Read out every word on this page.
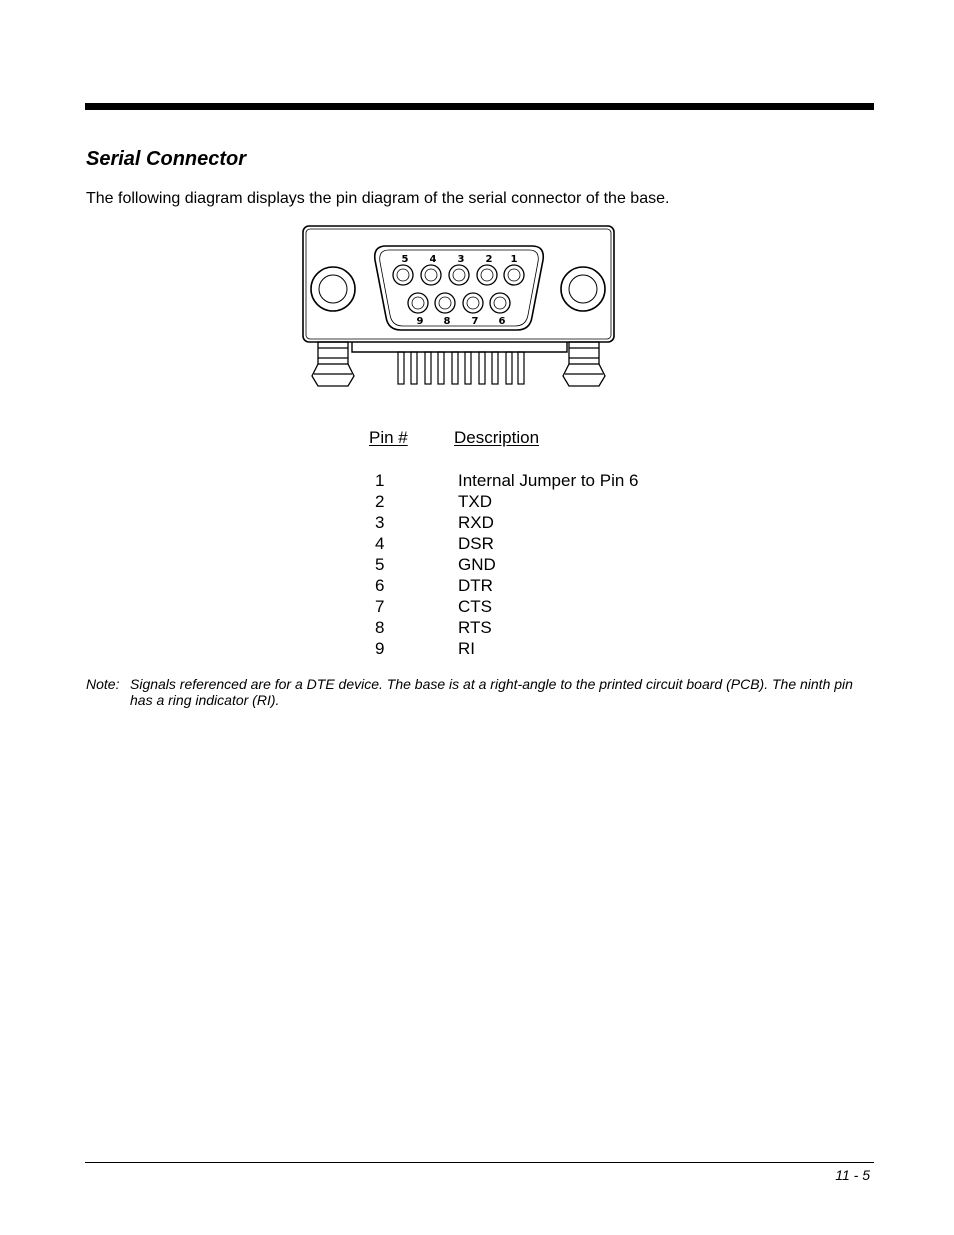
Serial Connector

The following diagram displays the pin diagram of the serial connector of the base.

5 4 3 2 1
9 8 7 6
Pin #	Description
1	Internal Jumper to Pin 6
2	TXD
3	RXD
4	DSR
5	GND
6	DTR
7	CTS
8	RTS
9	RI
Note: Signals referenced are for a DTE device. The base is at a right-angle to the printed circuit board (PCB). The ninth pin has a ring indicator (RI).
11 - 5
